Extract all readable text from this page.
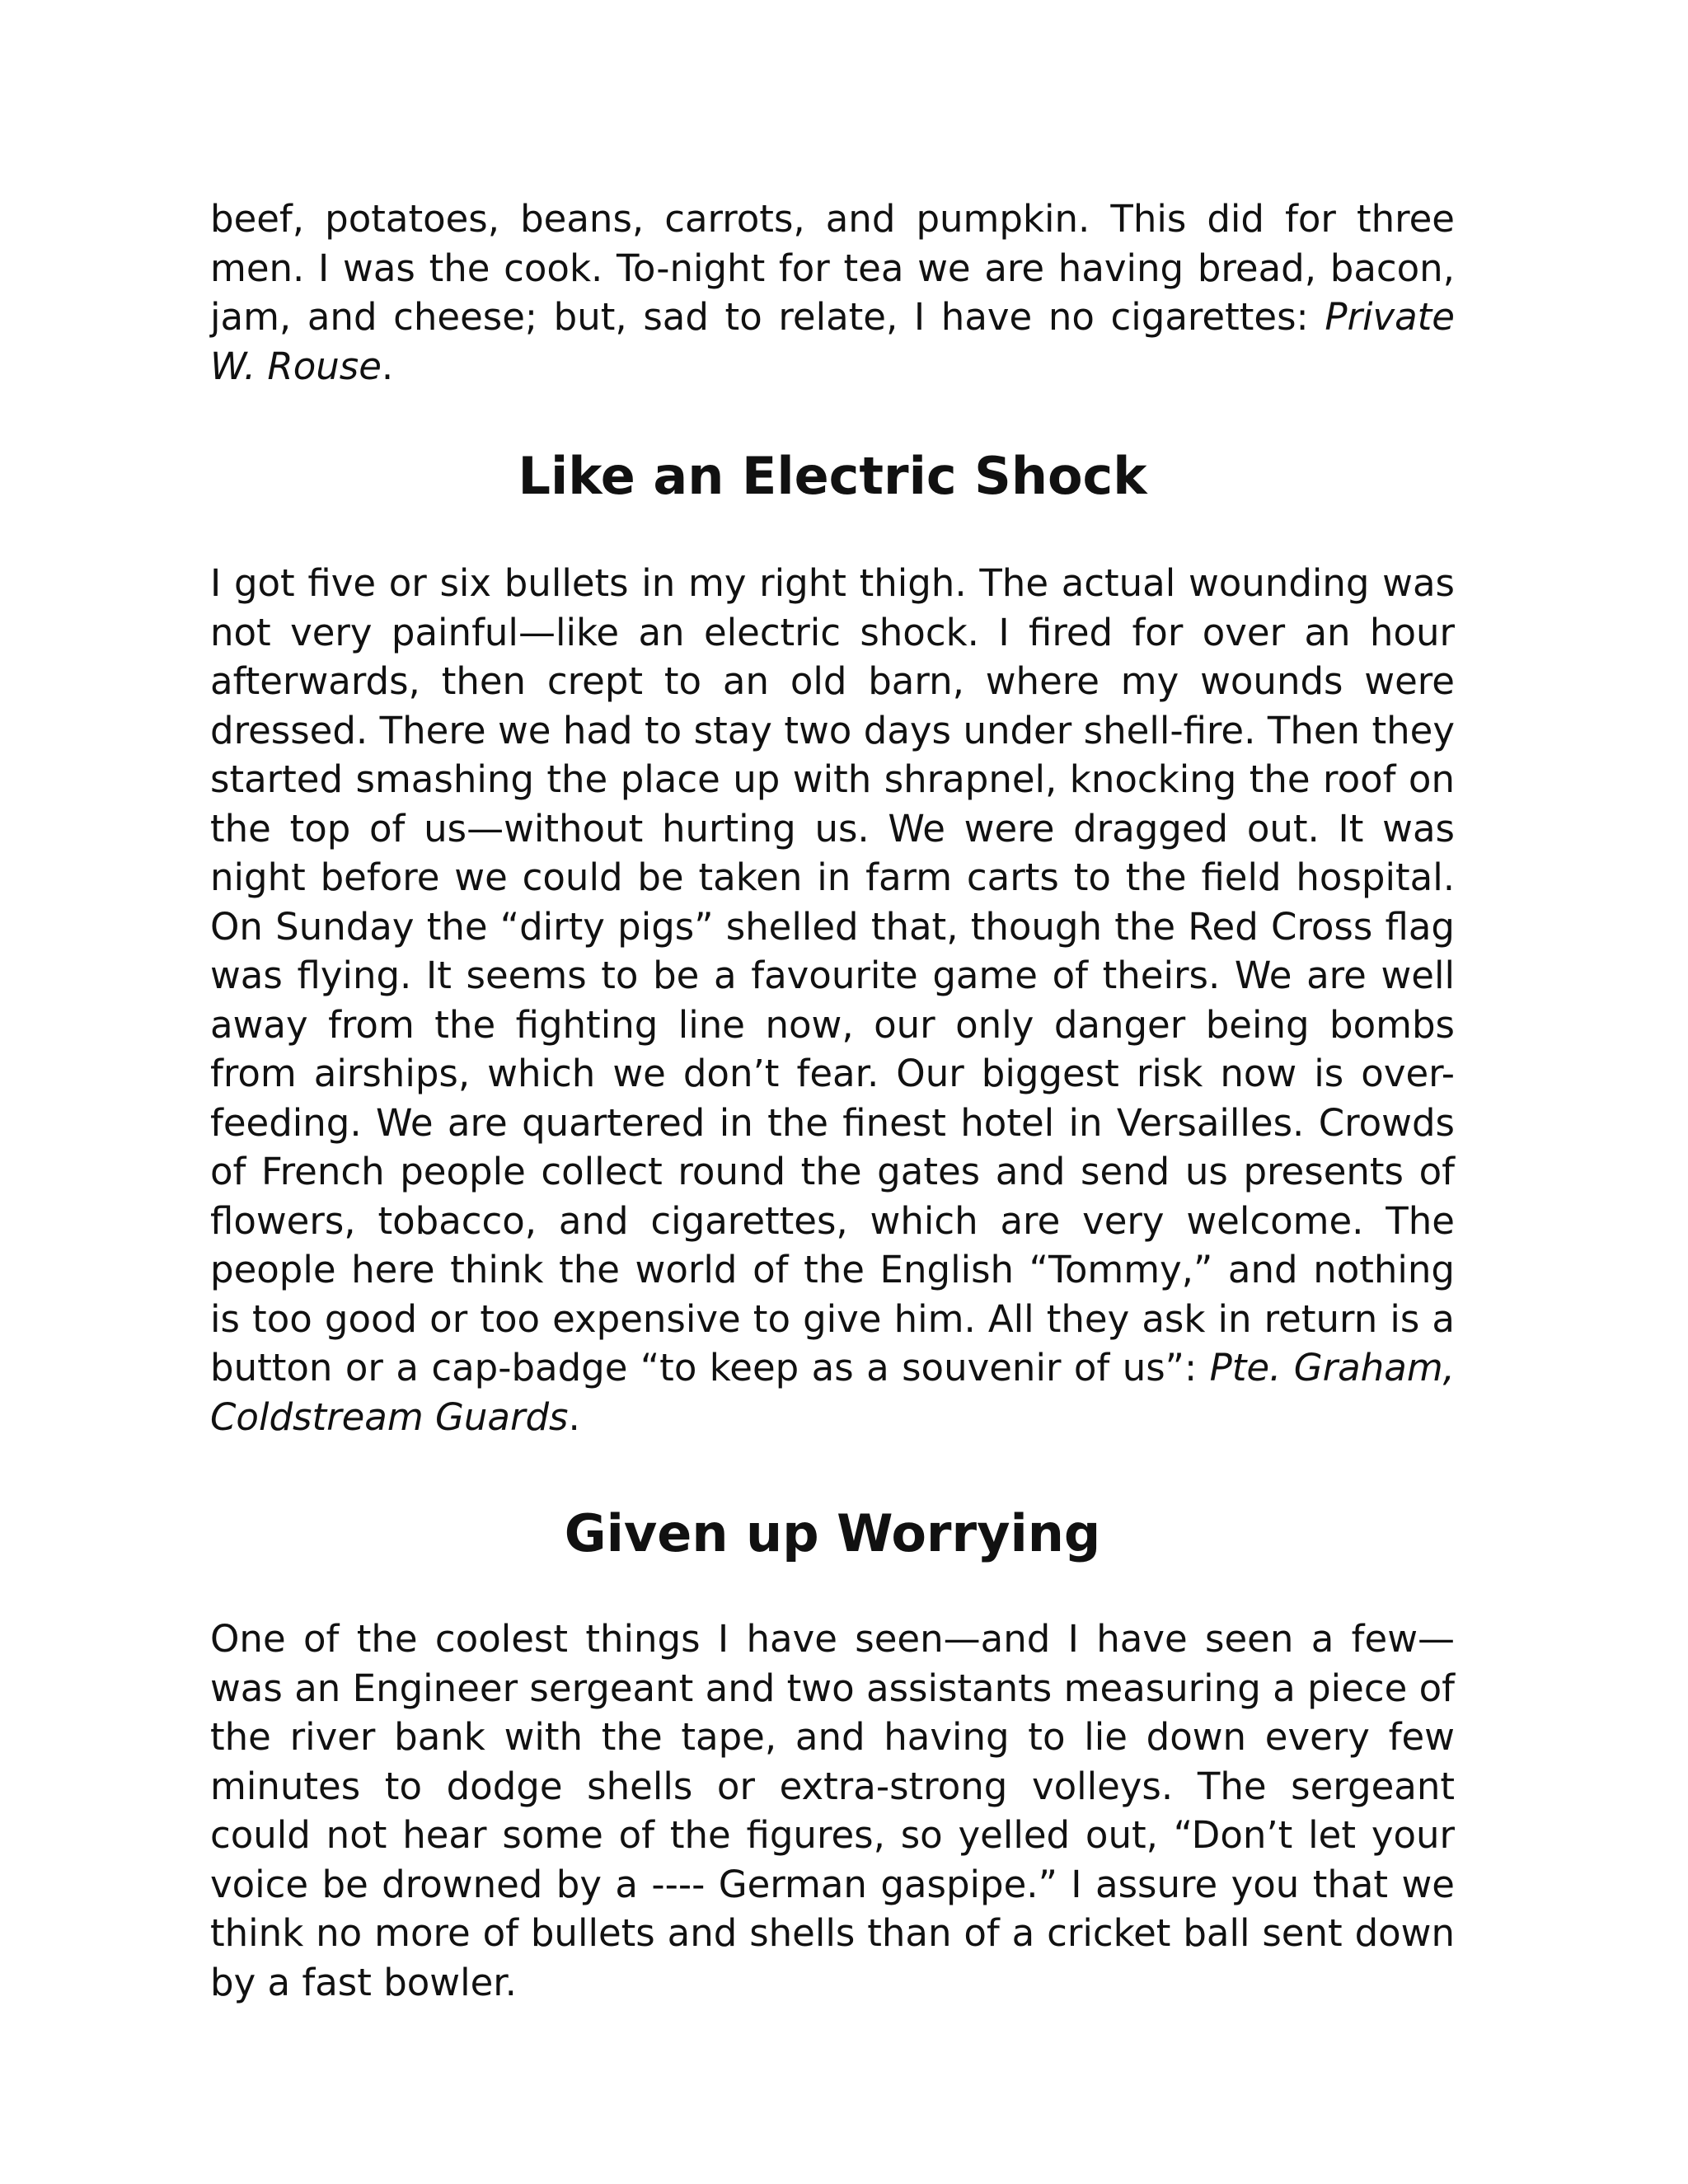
beef, potatoes, beans, carrots, and pumpkin. This did for three men. I was the cook. To-night for tea we are having bread, bacon, jam, and cheese; but, sad to relate, I have no cigarettes: Private W. Rouse.

Like an Electric Shock

I got five or six bullets in my right thigh. The actual wounding was not very painful—like an electric shock. I fired for over an hour afterwards, then crept to an old barn, where my wounds were dressed. There we had to stay two days under shell-fire. Then they started smashing the place up with shrapnel, knocking the roof on the top of us—without hurting us. We were dragged out. It was night before we could be taken in farm carts to the field hospital. On Sunday the “dirty pigs” shelled that, though the Red Cross flag was flying. It seems to be a favourite game of theirs. We are well away from the fighting line now, our only danger being bombs from airships, which we don’t fear. Our biggest risk now is over-feeding. We are quartered in the finest hotel in Versailles. Crowds of French people collect round the gates and send us presents of flowers, tobacco, and cigarettes, which are very welcome. The people here think the world of the English “Tommy,” and nothing is too good or too expensive to give him. All they ask in return is a button or a cap-badge “to keep as a souvenir of us”: Pte. Graham, Coldstream Guards.

Given up Worrying

One of the coolest things I have seen—and I have seen a few—was an Engineer sergeant and two assistants measuring a piece of the river bank with the tape, and having to lie down every few minutes to dodge shells or extra-strong volleys. The sergeant could not hear some of the figures, so yelled out, “Don’t let your voice be drowned by a ---- German gaspipe.” I assure you that we think no more of bullets and shells than of a cricket ball sent down by a fast bowler.
